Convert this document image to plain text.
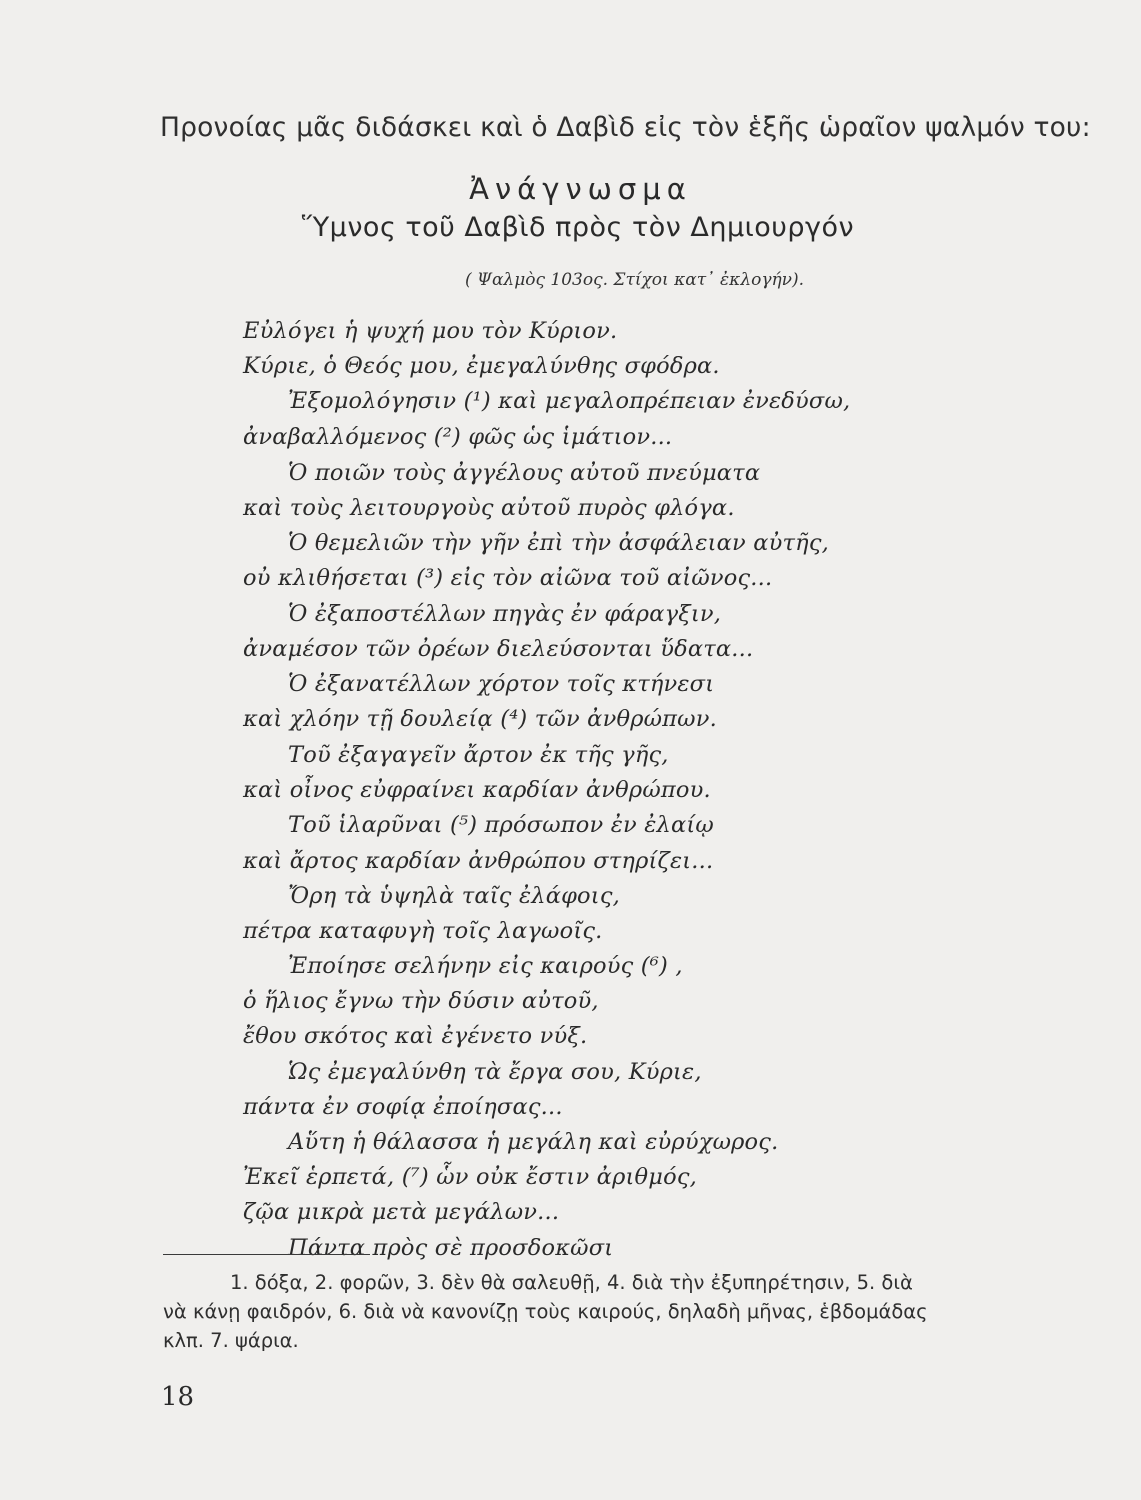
Προνοίας μᾶς διδάσκει καὶ ὁ Δαβὶδ εἰς τὸν ἑξῆς ὡραῖον ψαλμόν του:
Ἀνάγνωσμα
Ὕμνος τοῦ Δαβὶδ πρὸς τὸν Δημιουργόν
( Ψαλμὸς 103ος. Στίχοι κατ᾿ ἐκλογήν).
Εὐλόγει ἡ ψυχή μου τὸν Κύριον.
Κύριε, ὁ Θεός μου, ἐμεγαλύνθης σφόδρα.
Ἐξομολόγησιν (¹) καὶ μεγαλοπρέπειαν ἐνεδύσω,
ἀναβαλλόμενος (²) φῶς ὡς ἱμάτιον...
Ὁ ποιῶν τοὺς ἀγγέλους αὐτοῦ πνεύματα
καὶ τοὺς λειτουργοὺς αὐτοῦ πυρὸς φλόγα.
Ὁ θεμελιῶν τὴν γῆν ἐπὶ τὴν ἀσφάλειαν αὐτῆς,
οὐ κλιθήσεται (³) εἰς τὸν αἰῶνα τοῦ αἰῶνος...
Ὁ ἐξαποστέλλων πηγὰς ἐν φάραγξιν,
ἀναμέσον τῶν ὀρέων διελεύσονται ὕδατα...
Ὁ ἐξανατέλλων χόρτον τοῖς κτήνεσι
καὶ χλόην τῇ δουλείᾳ (⁴) τῶν ἀνθρώπων.
Τοῦ ἐξαγαγεῖν ἄρτον ἐκ τῆς γῆς,
καὶ οἶνος εὐφραίνει καρδίαν ἀνθρώπου.
Τοῦ ἱλαρῦναι (⁵) πρόσωπον ἐν ἐλαίῳ
καὶ ἄρτος καρδίαν ἀνθρώπου στηρίζει...
Ὄρη τὰ ὑψηλὰ ταῖς ἐλάφοις,
πέτρα καταφυγὴ τοῖς λαγωοῖς.
Ἐποίησε σελήνην εἰς καιρούς (⁶) ,
ὁ ἥλιος ἔγνω τὴν δύσιν αὐτοῦ,
ἔθου σκότος καὶ ἐγένετο νύξ.
Ὡς ἐμεγαλύνθη τὰ ἔργα σου, Κύριε,
πάντα ἐν σοφίᾳ ἐποίησας...
Αὕτη ἡ θάλασσα ἡ μεγάλη καὶ εὐρύχωρος.
Ἐκεῖ ἑρπετά, (⁷) ὧν οὐκ ἔστιν ἀριθμός,
ζῷα μικρὰ μετὰ μεγάλων...
Πάντα πρὸς σὲ προσδοκῶσι
1. δόξα, 2. φορῶν, 3. δὲν θὰ σαλευθῇ, 4. διὰ τὴν ἐξυπηρέτησιν, 5. διὰ
νὰ κάνῃ φαιδρόν, 6. διὰ νὰ κανονίζῃ τοὺς καιρούς, δηλαδὴ μῆνας, ἑβδομάδας
κλπ. 7. ψάρια.
18
